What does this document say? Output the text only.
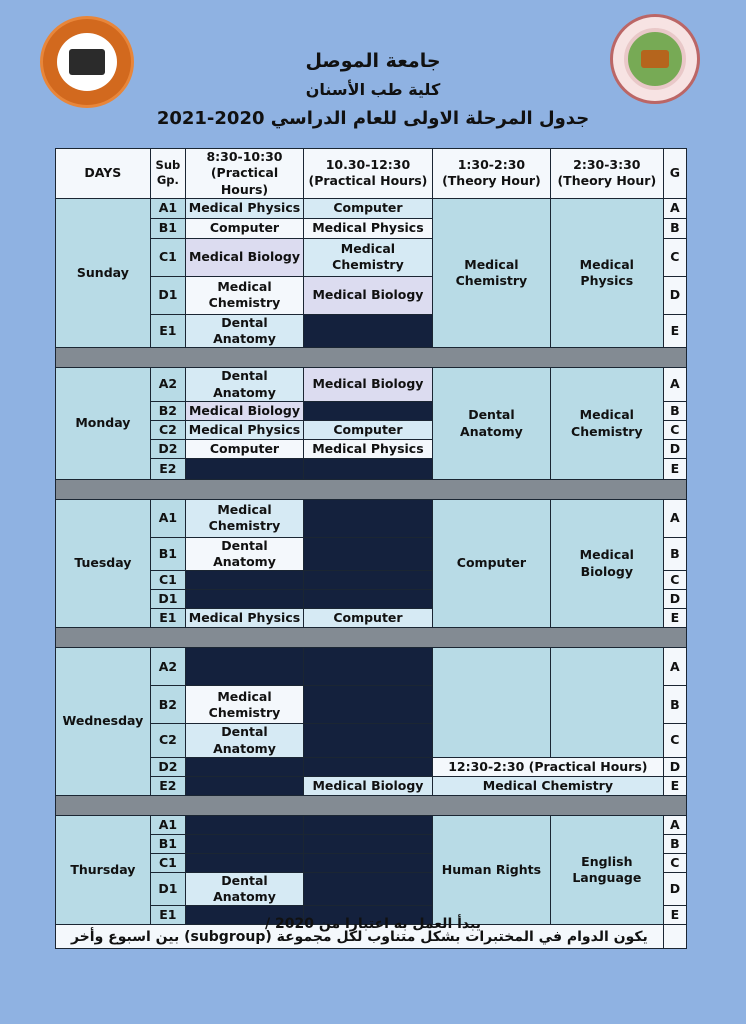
جامعة الموصل
كلية طب الأسنان
جدول المرحلة الاولى للعام الدراسي 2020-2021
DAYS	Sub Gp.	8:30-10:30 (Practical Hours)	10.30-12:30 (Practical Hours)	1:30-2:30 (Theory Hour)	2:30-3:30 (Theory Hour)	G
Sunday	A1	Medical Physics	Computer	Medical Chemistry	Medical Physics	A
	B1	Computer	Medical Physics			B
	C1	Medical Biology	Medical Chemistry			C
	D1	Medical Chemistry	Medical Biology			D
	E1	Dental Anatomy				E

Monday	A2	Dental Anatomy	Medical Biology	Dental Anatomy	Medical Chemistry	A
	B2	Medical Biology				B
	C2	Medical Physics	Computer			C
	D2	Computer	Medical Physics			D
	E2					E

Tuesday	A1	Medical Chemistry		Computer	Medical Biology	A
	B1	Dental Anatomy				B
	C1					C
	D1					D
	E1	Medical Physics	Computer			E

Wednesday	A2					A
	B2	Medical Chemistry				B
	C2	Dental Anatomy				C
	D2			12:30-2:30 (Practical Hours)		D
	E2		Medical Biology	Medical Chemistry		E

Thursday	A1			Human Rights	English Language	A
	B1					B
	C1					C
	D1	Dental Anatomy				D
	E1					E
يكون الدوام في المختبرات بشكل متناوب لكل مجموعة (subgroup) بين اسبوع وأخر						
يبدأ العمل به اعتبارا من 2020 /
